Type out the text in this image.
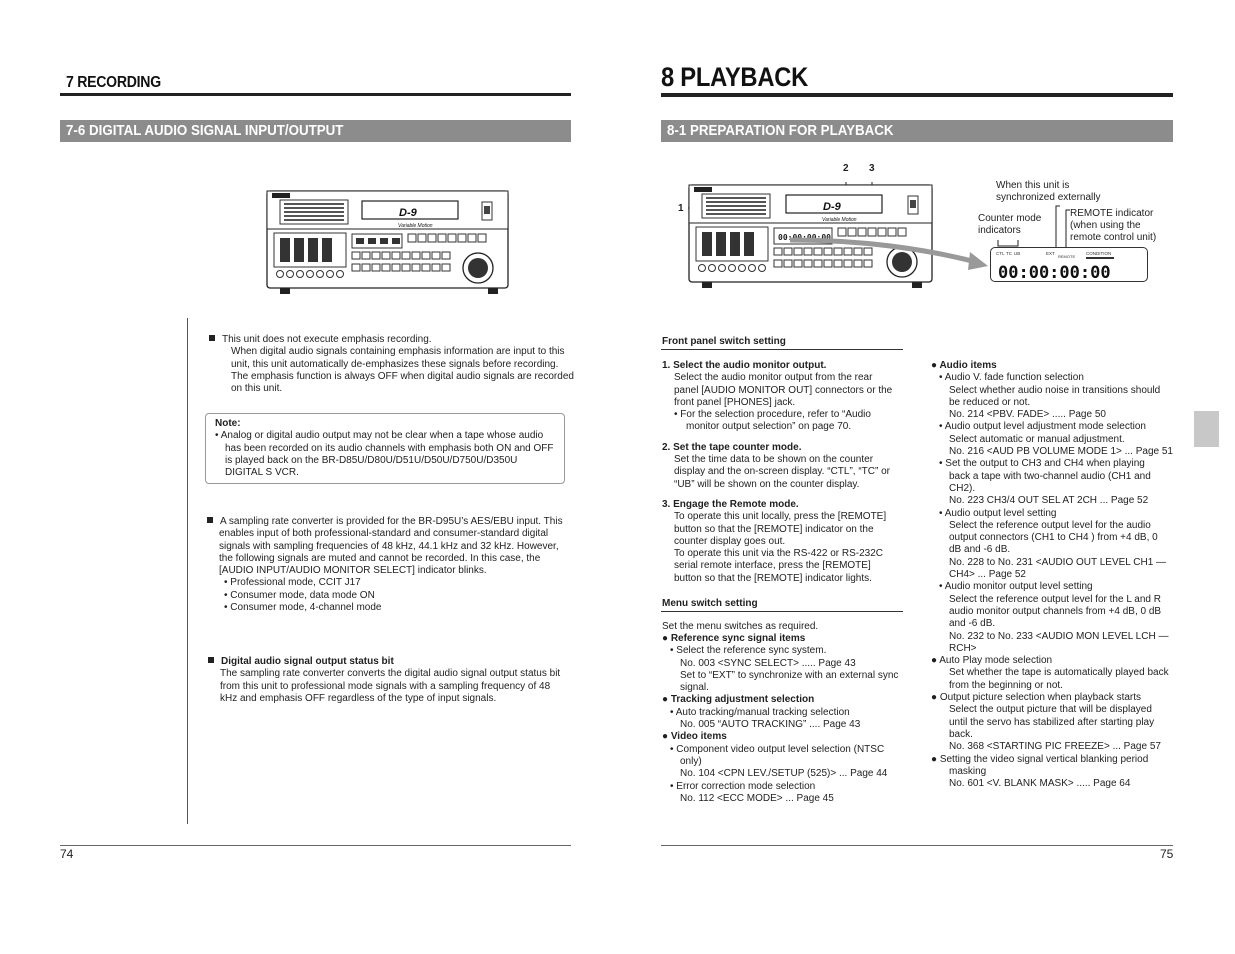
7 RECORDING
7-6 DIGITAL AUDIO SIGNAL INPUT/OUTPUT
D-9
Variable Motion

This unit does not execute emphasis recording.

When digital audio signals containing emphasis information are input to this

unit, this unit automatically de-emphasizes these signals before recording.

The emphasis function is always OFF when digital audio signals are recorded

on this unit.

Note:

• Analog or digital audio output may not be clear when a tape whose audio

has been recorded on its audio channels with emphasis both ON and OFF

is played back on the BR-D85U/D80U/D51U/D50U/D750U/D350U

DIGITAL S VCR.

A sampling rate converter is provided for the BR-D95U’s AES/EBU input. This

enables input of both professional-standard and consumer-standard digital

signals with sampling frequencies of 48 kHz, 44.1 kHz and 32 kHz. However,

the following signals are muted and cannot be recorded. In this case, the

[AUDIO INPUT/AUDIO MONITOR SELECT] indicator blinks.

• Professional mode, CCIT J17

• Consumer mode, data mode ON

• Consumer mode, 4-channel mode

Digital audio signal output status bit

The sampling rate converter converts the digital audio signal output status bit

from this unit to professional mode signals with a sampling frequency of 48

kHz and emphasis OFF regardless of the type of input signals.

74
8 PLAYBACK
8-1 PREPARATION FOR PLAYBACK
2 3
1	D-9
Variable Motion
00:00:00:00

When this unit is

synchronized externally

Counter mode

indicators

REMOTE indicator

(when using the

remote control unit)

CTL TC UB	EXT
REMOTE
CONDITION
00:00:00:00
Front panel switch setting

1. Select the audio monitor output.

Select the audio monitor output from the rear

panel [AUDIO MONITOR OUT] connectors or the

front panel [PHONES] jack.

• For the selection procedure, refer to “Audio

monitor output selection” on page 70.

2. Set the tape counter mode.

Set the time data to be shown on the counter

display and the on-screen display. “CTL”, “TC” or

“UB” will be shown on the counter display.

3. Engage the Remote mode.

To operate this unit locally, press the [REMOTE]

button so that the [REMOTE] indicator on the

counter display goes out.

To operate this unit via the RS-422 or RS-232C

serial remote interface, press the [REMOTE]

button so that the [REMOTE] indicator lights.

Menu switch setting
Set the menu switches as required.

● Reference sync signal items

• Select the reference sync system.

No. 003 <SYNC SELECT> ..... Page 43

Set to “EXT” to synchronize with an external sync

signal.

● Tracking adjustment selection

• Auto tracking/manual tracking selection

No. 005 “AUTO TRACKING” .... Page 43

● Video items

• Component video output level selection (NTSC

only)

No. 104 <CPN LEV./SETUP (525)> ... Page 44

• Error correction mode selection

No. 112 <ECC MODE> ... Page 45

● Audio items

• Audio V. fade function selection

Select whether audio noise in transitions should

be reduced or not.

No. 214 <PBV. FADE> ..... Page 50

• Audio output level adjustment mode selection

Select automatic or manual adjustment.

No. 216 <AUD PB VOLUME MODE 1> ... Page 51

• Set the output to CH3 and CH4 when playing

back a tape with two-channel audio (CH1 and

CH2).

No. 223 CH3/4 OUT SEL AT 2CH ... Page 52

• Audio output level setting

Select the reference output level for the audio

output connectors (CH1 to CH4 ) from +4 dB, 0

dB and -6 dB.

No. 228 to No. 231 <AUDIO OUT LEVEL CH1 —

CH4> ... Page 52

• Audio monitor output level setting

Select the reference output level for the L and R

audio monitor output channels from +4 dB, 0 dB

and -6 dB.

No. 232 to No. 233 <AUDIO MON LEVEL LCH —

RCH>

● Auto Play mode selection

Set whether the tape is automatically played back

from the beginning or not.

● Output picture selection when playback starts

Select the output picture that will be displayed

until the servo has stabilized after starting play

back.

No. 368 <STARTING PIC FREEZE> ... Page 57

● Setting the video signal vertical blanking period

masking

No. 601 <V. BLANK MASK> ..... Page 64

75
